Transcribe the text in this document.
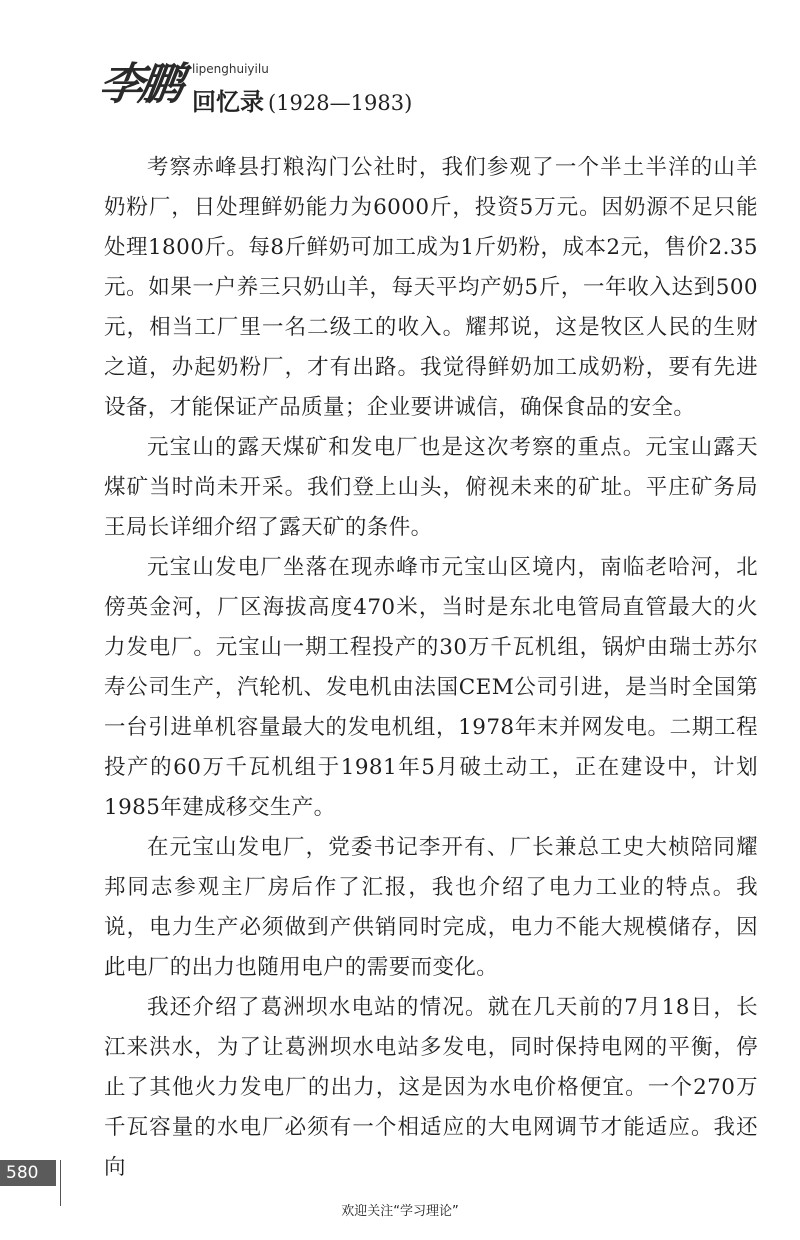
李鹏 lipenghuiyilu
回忆录 (1928—1983)

考察赤峰县打粮沟门公社时，我们参观了一个半土半洋的山羊奶粉厂，日处理鲜奶能力为6000斤，投资5万元。因奶源不足只能处理1800斤。每8斤鲜奶可加工成为1斤奶粉，成本2元，售价2.35元。如果一户养三只奶山羊，每天平均产奶5斤，一年收入达到500元，相当工厂里一名二级工的收入。耀邦说，这是牧区人民的生财之道，办起奶粉厂，才有出路。我觉得鲜奶加工成奶粉，要有先进设备，才能保证产品质量；企业要讲诚信，确保食品的安全。

元宝山的露天煤矿和发电厂也是这次考察的重点。元宝山露天煤矿当时尚未开采。我们登上山头，俯视未来的矿址。平庄矿务局王局长详细介绍了露天矿的条件。

元宝山发电厂坐落在现赤峰市元宝山区境内，南临老哈河，北傍英金河，厂区海拔高度470米，当时是东北电管局直管最大的火力发电厂。元宝山一期工程投产的30万千瓦机组，锅炉由瑞士苏尔寿公司生产，汽轮机、发电机由法国CEM公司引进，是当时全国第一台引进单机容量最大的发电机组，1978年末并网发电。二期工程投产的60万千瓦机组于1981年5月破土动工，正在建设中，计划1985年建成移交生产。

在元宝山发电厂，党委书记李开有、厂长兼总工史大桢陪同耀邦同志参观主厂房后作了汇报，我也介绍了电力工业的特点。我说，电力生产必须做到产供销同时完成，电力不能大规模储存，因此电厂的出力也随用电户的需要而变化。

我还介绍了葛洲坝水电站的情况。就在几天前的7月18日，长江来洪水，为了让葛洲坝水电站多发电，同时保持电网的平衡，停止了其他火力发电厂的出力，这是因为水电价格便宜。一个270万千瓦容量的水电厂必须有一个相适应的大电网调节才能适应。我还向

580
欢迎关注“学习理论”
